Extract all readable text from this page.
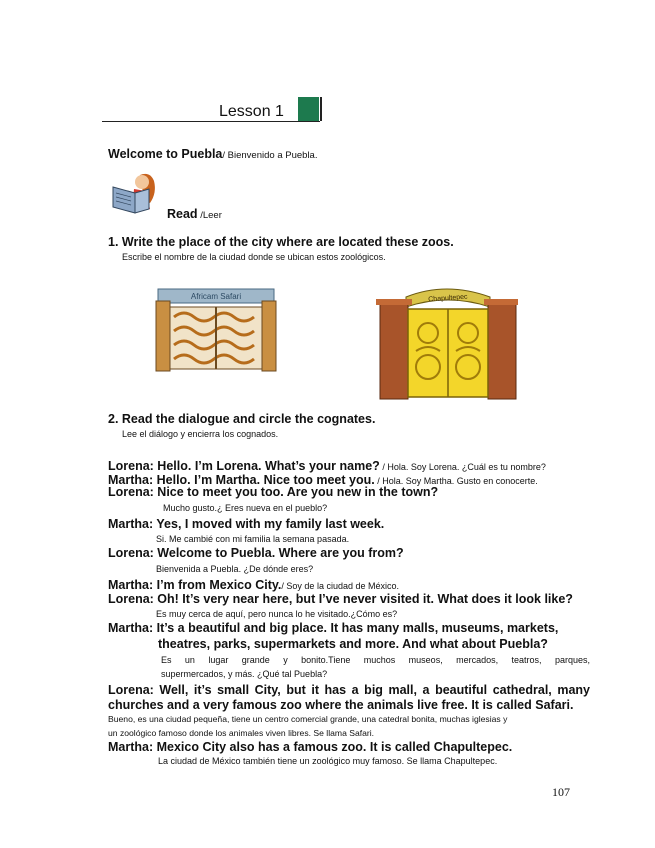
Lesson 1
Welcome to Puebla/ Bienvenido a Puebla.
Read /Leer
1. Write the place of the city where are located these zoos.
Escribe el nombre de la ciudad donde se ubican estos zoológicos.
Africam Safari	Chapultepec
2. Read the dialogue and circle the cognates.
Lee el diálogo y encierra los cognados.
Lorena: Hello. I’m Lorena. What’s your name? / Hola. Soy Lorena. ¿Cuál es tu nombre?
Martha: Hello. I’m Martha. Nice too meet you. / Hola. Soy Martha. Gusto en conocerte.
Lorena: Nice to meet you too. Are you new in the town?
Mucho gusto.¿ Eres nueva en el pueblo?
Martha: Yes, I moved with my family last week.
Si. Me cambié con mi familia la semana pasada.
Lorena: Welcome to Puebla. Where are you from?
Bienvenida a Puebla. ¿De dónde eres?
Martha: I’m from Mexico City./ Soy de la ciudad de México.
Lorena: Oh! It’s very near here, but I’ve never visited it. What does it look like?
Es muy cerca de aquí, pero nunca lo he visitado.¿Cómo es?
Martha: It’s a beautiful and big place. It has many malls, museums, markets,
theatres, parks, supermarkets and more. And what about Puebla?
Es un lugar grande y bonito.Tiene muchos museos, mercados, teatros, parques,
supermercados, y más. ¿Qué tal Puebla?
Lorena: Well, it’s small City, but it has a big mall, a beautiful cathedral, many
churches and a very famous zoo where the animals live free. It is called Safari.
Bueno, es una ciudad pequeña, tiene un centro comercial grande, una catedral bonita, muchas iglesias y
un zoológico famoso donde los animales viven libres. Se llama Safari.
Martha: Mexico City also has a famous zoo. It is called Chapultepec.
La ciudad de México también tiene un zoológico muy famoso. Se llama Chapultepec.
107
